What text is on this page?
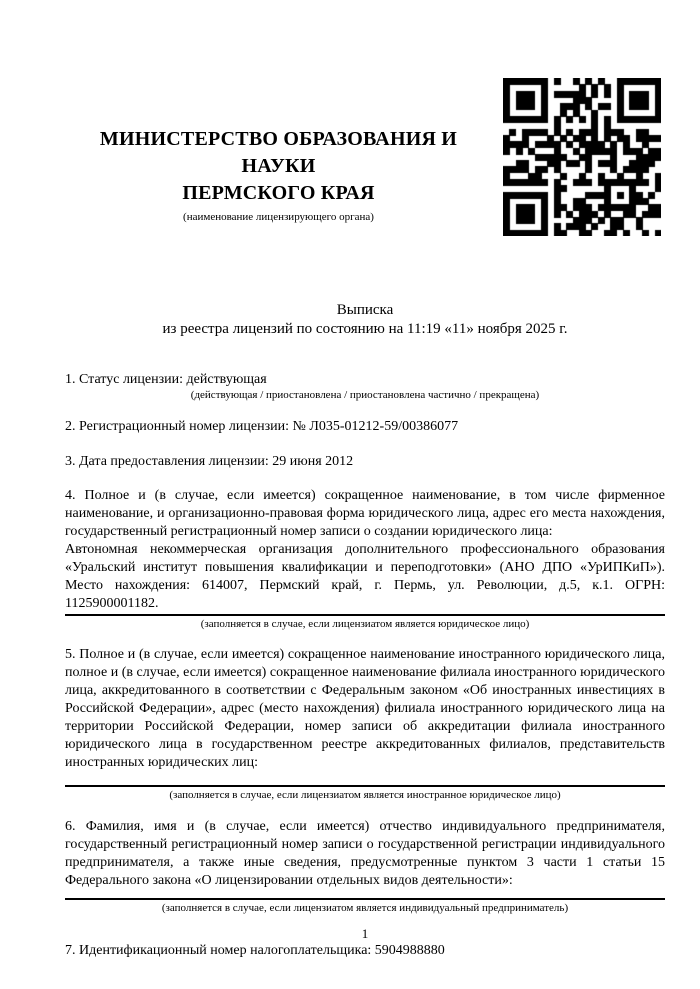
МИНИСТЕРСТВО ОБРАЗОВАНИЯ И НАУКИ

ПЕРМСКОГО КРАЯ

(наименование лицензирующего органа)

Выписка

из реестра лицензий по состоянию на 11:19 «11» ноября 2025 г.

1. Статус лицензии: действующая

(действующая / приостановлена / приостановлена частично / прекращена)

2. Регистрационный номер лицензии: № Л035-01212-59/00386077

3. Дата предоставления лицензии: 29 июня 2012

4. Полное и (в случае, если имеется) сокращенное наименование, в том числе фирменное наименование, и организационно-правовая форма юридического лица, адрес его места нахождения, государственный регистрационный номер записи о создании юридического лица:

Автономная некоммерческая организация дополнительного профессионального образования «Уральский институт повышения квалификации и переподготовки» (АНО ДПО «УрИПКиП»). Место нахождения: 614007, Пермский край, г. Пермь, ул. Революции, д.5, к.1. ОГРН: 1125900001182.

(заполняется в случае, если лицензиатом является юридическое лицо)

5. Полное и (в случае, если имеется) сокращенное наименование иностранного юридического лица, полное и (в случае, если имеется) сокращенное наименование филиала иностранного юридического лица, аккредитованного в соответствии с Федеральным законом «Об иностранных инвестициях в Российской Федерации», адрес (место нахождения) филиала иностранного юридического лица на территории Российской Федерации, номер записи об аккредитации филиала иностранного юридического лица в государственном реестре аккредитованных филиалов, представительств иностранных юридических лиц:

(заполняется в случае, если лицензиатом является иностранное юридическое лицо)

6. Фамилия, имя и (в случае, если имеется) отчество индивидуального предпринимателя, государственный регистрационный номер записи о государственной регистрации индивидуального предпринимателя, а также иные сведения, предусмотренные пунктом 3 части 1 статьи 15 Федерального закона «О лицензировании отдельных видов деятельности»:

(заполняется в случае, если лицензиатом является индивидуальный предприниматель)

7. Идентификационный номер налогоплательщика: 5904988880

1
